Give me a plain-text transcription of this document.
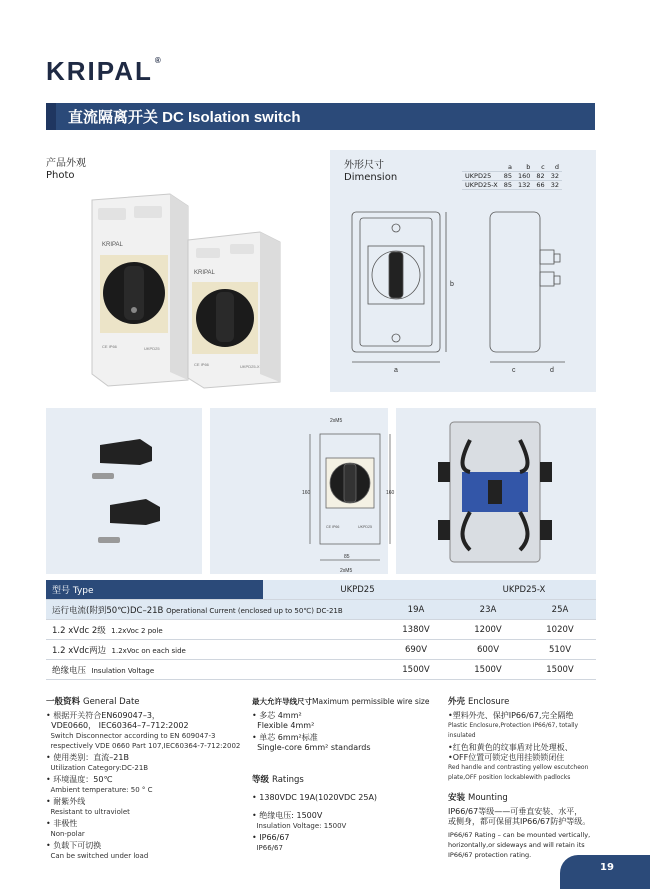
KRIPAL ®
直流隔离开关 DC Isolation switch
产品外观
Photo
KRIPAL
CE IP66	UKPD25
KRIPAL
CE IP66	UKPD25-X
外形尺寸
Dimension
	a	b	c	d
UKPD25	85	160	82	32
UKPD25-X	85	132	66	32
a
b
c	d
2xM5
85
160	160
CE IP66	UKPD25
2xM5
型号 Type	UKPD25		UKPD25-X	
运行电流(附到50℃)DC–21B Operational Current (enclosed up to 50℃) DC-21B		19A	23A	25A
1.2 xVdc 2级 1.2xVoc 2 pole		1380V	1200V	1020V
1.2 xVdc两边 1.2xVoc on each side		690V	600V	510V
绝缘电压 Insulation Voltage		1500V	1500V	1500V
一般资料 General Date
• 根据开关符合EN609047–3，
VDE0660， IEC60364–7–712:2002
Switch Disconnector according to EN 609047-3
respectively VDE 0660 Part 107,IEC60364-7-712:2002
• 使用类别：直流–21B
Utilization Category:DC-21B
• 环境温度：50℃
Ambient temperature: 50 ° C
• 耐紫外线
Resistant to ultraviolet
• 非极性
Non-polar
• 负载下可切换
Can be switched under load
最大允许导线尺寸Maximum permissible wire size
• 多芯 4mm²
Flexible 4mm²
• 单芯 6mm²标准
Single-core 6mm² standards
等级 Ratings
• 1380VDC 19A(1020VDC 25A)
• 绝缘电压: 1500V
Insulation Voltage: 1500V
• IP66/67
IP66/67
外壳 Enclosure
•塑料外壳、保护IP66/67,完全隔绝
Plastic Enclosure,Protection IP66/67, totally insulated
•红色和黄色的纹事盾对比处理板、
•OFF位置可锁定也用挂锁锁闭住
Red handle and contrasting yellow escutcheon
plate,OFF position lockablewith padlocks
安装 Mounting
IP66/67等级——可垂直安装、水平，
或侧身，都可保留其IP66/67防护等级。
IP66/67 Rating – can be mounted vertically,
horizontally,or sideways and will retain its
IP66/67 protection rating.
19
